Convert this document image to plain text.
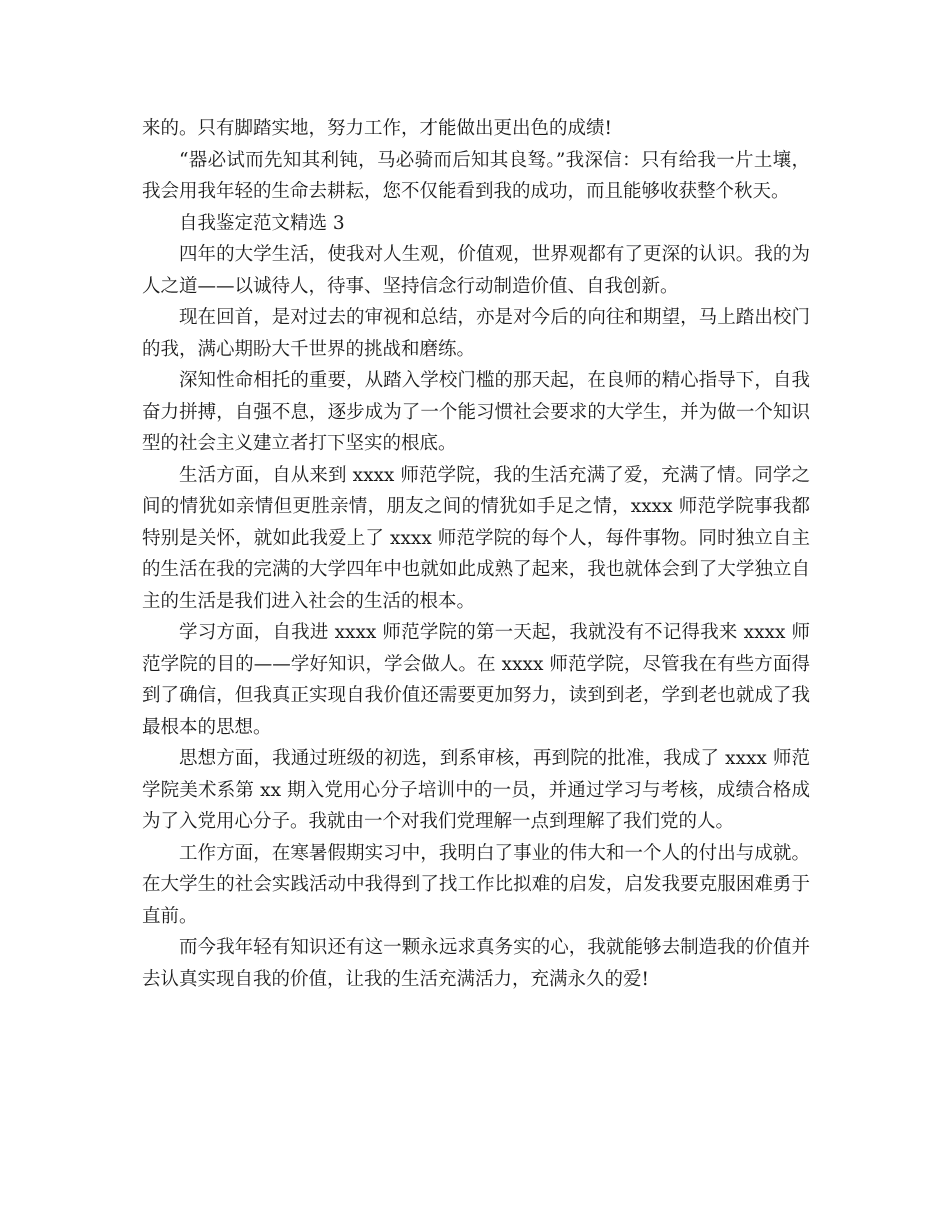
来的。只有脚踏实地，努力工作，才能做出更出色的成绩!

“器必试而先知其利钝，马必骑而后知其良驽。”我深信：只有给我一片土壤，我会用我年轻的生命去耕耘，您不仅能看到我的成功，而且能够收获整个秋天。

自我鉴定范文精选 3

四年的大学生活，使我对人生观，价值观，世界观都有了更深的认识。我的为人之道——以诚待人，待事、坚持信念行动制造价值、自我创新。

现在回首，是对过去的审视和总结，亦是对今后的向往和期望，马上踏出校门的我，满心期盼大千世界的挑战和磨练。

深知性命相托的重要，从踏入学校门槛的那天起，在良师的精心指导下，自我奋力拼搏，自强不息，逐步成为了一个能习惯社会要求的大学生，并为做一个知识型的社会主义建立者打下坚实的根底。

生活方面，自从来到 xxxx 师范学院，我的生活充满了爱，充满了情。同学之间的情犹如亲情但更胜亲情，朋友之间的情犹如手足之情，xxxx 师范学院事我都特别是关怀，就如此我爱上了 xxxx 师范学院的每个人，每件事物。同时独立自主的生活在我的完满的大学四年中也就如此成熟了起来，我也就体会到了大学独立自主的生活是我们进入社会的生活的根本。

学习方面，自我进 xxxx 师范学院的第一天起，我就没有不记得我来 xxxx 师范学院的目的——学好知识，学会做人。在 xxxx 师范学院，尽管我在有些方面得到了确信，但我真正实现自我价值还需要更加努力，读到到老，学到老也就成了我最根本的思想。

思想方面，我通过班级的初选，到系审核，再到院的批准，我成了 xxxx 师范学院美术系第 xx 期入党用心分子培训中的一员，并通过学习与考核，成绩合格成为了入党用心分子。我就由一个对我们党理解一点到理解了我们党的人。

工作方面，在寒暑假期实习中，我明白了事业的伟大和一个人的付出与成就。在大学生的社会实践活动中我得到了找工作比拟难的启发，启发我要克服困难勇于直前。

而今我年轻有知识还有这一颗永远求真务实的心，我就能够去制造我的价值并去认真实现自我的价值，让我的生活充满活力，充满永久的爱!
